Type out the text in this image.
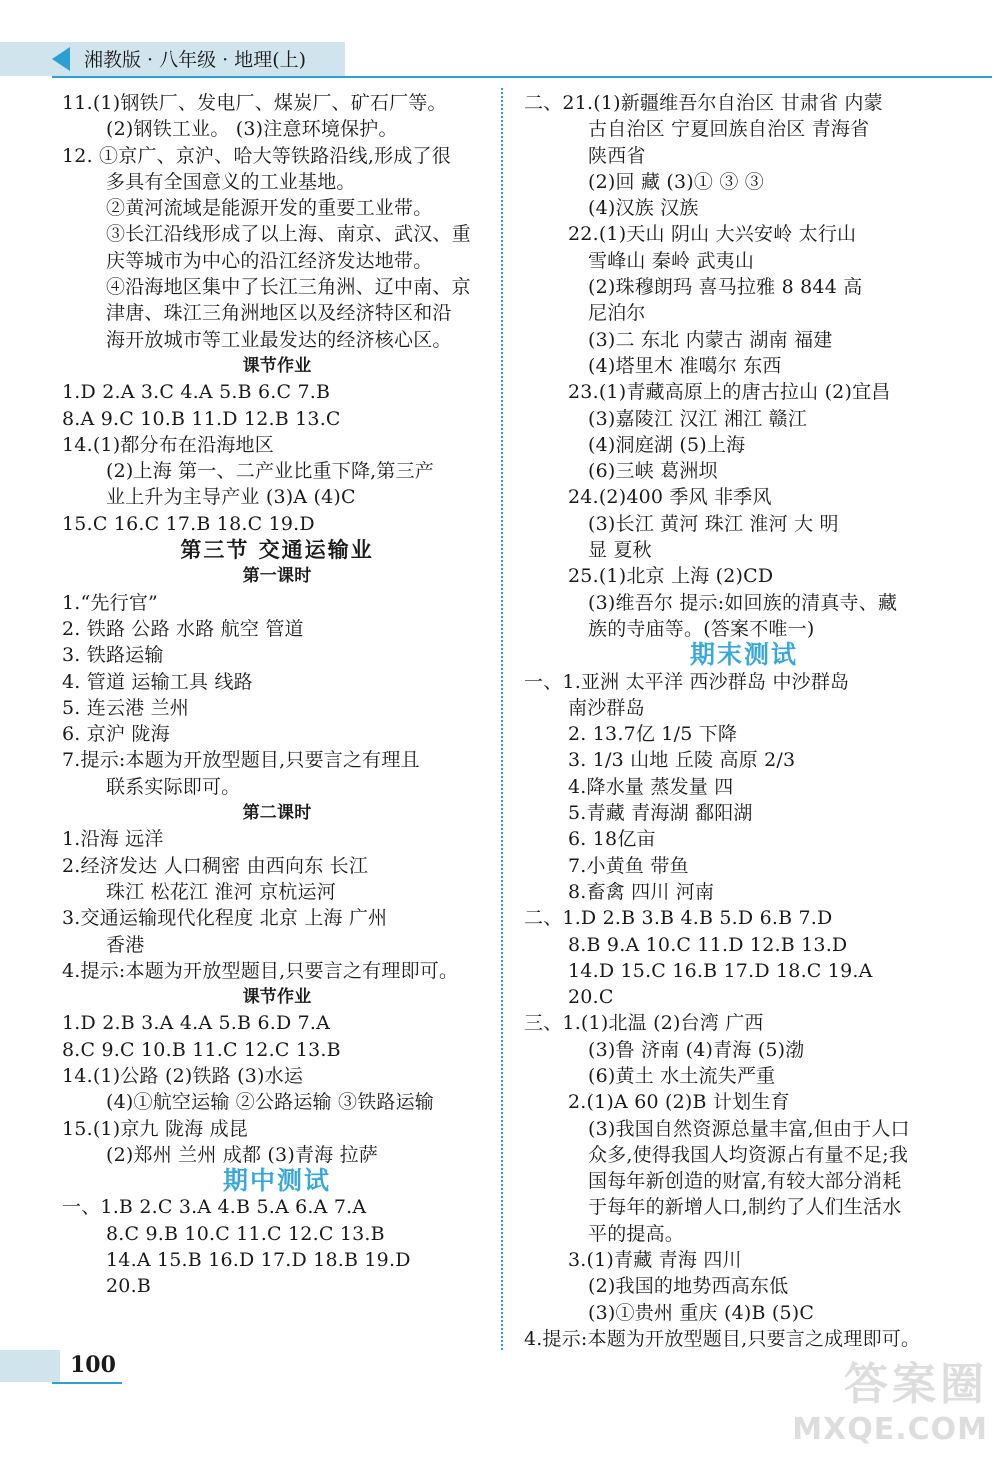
湘教版 · 八年级 · 地理(上)
11.(1)钢铁厂、发电厂、煤炭厂、矿石厂等。
(2)钢铁工业。 (3)注意环境保护。
12. ①京广、京沪、哈大等铁路沿线,形成了很
多具有全国意义的工业基地。
②黄河流域是能源开发的重要工业带。
③长江沿线形成了以上海、南京、武汉、重
庆等城市为中心的沿江经济发达地带。
④沿海地区集中了长江三角洲、辽中南、京
津唐、珠江三角洲地区以及经济特区和沿
海开放城市等工业最发达的经济核心区。
课节作业
1.D 2.A 3.C 4.A 5.B 6.C 7.B
8.A 9.C 10.B 11.D 12.B 13.C
14.(1)都分布在沿海地区
(2)上海 第一、二产业比重下降,第三产
业上升为主导产业 (3)A (4)C
15.C 16.C 17.B 18.C 19.D
第三节 交通运输业
第一课时
1.“先行官”
2. 铁路 公路 水路 航空 管道
3. 铁路运输
4. 管道 运输工具 线路
5. 连云港 兰州
6. 京沪 陇海
7.提示:本题为开放型题目,只要言之有理且
联系实际即可。
第二课时
1.沿海 远洋
2.经济发达 人口稠密 由西向东 长江
珠江 松花江 淮河 京杭运河
3.交通运输现代化程度 北京 上海 广州
香港
4.提示:本题为开放型题目,只要言之有理即可。
课节作业
1.D 2.B 3.A 4.A 5.B 6.D 7.A
8.C 9.C 10.B 11.C 12.C 13.B
14.(1)公路 (2)铁路 (3)水运
(4)①航空运输 ②公路运输 ③铁路运输
15.(1)京九 陇海 成昆
(2)郑州 兰州 成都 (3)青海 拉萨
期中测试
一、1.B 2.C 3.A 4.B 5.A 6.A 7.A
8.C 9.B 10.C 11.C 12.C 13.B
14.A 15.B 16.D 17.D 18.B 19.D
20.B
二、21.(1)新疆维吾尔自治区 甘肃省 内蒙
古自治区 宁夏回族自治区 青海省
陕西省
(2)回 藏 (3)① ③ ③
(4)汉族 汉族
22.(1)天山 阴山 大兴安岭 太行山
雪峰山 秦岭 武夷山
(2)珠穆朗玛 喜马拉雅 8 844 高
尼泊尔
(3)二 东北 内蒙古 湖南 福建
(4)塔里木 准噶尔 东西
23.(1)青藏高原上的唐古拉山 (2)宜昌
(3)嘉陵江 汉江 湘江 赣江
(4)洞庭湖 (5)上海
(6)三峡 葛洲坝
24.(2)400 季风 非季风
(3)长江 黄河 珠江 淮河 大 明
显 夏秋
25.(1)北京 上海 (2)CD
(3)维吾尔 提示:如回族的清真寺、藏
族的寺庙等。(答案不唯一)
期末测试
一、1.亚洲 太平洋 西沙群岛 中沙群岛
南沙群岛
2. 13.7亿 1/5 下降
3. 1/3 山地 丘陵 高原 2/3
4.降水量 蒸发量 四
5.青藏 青海湖 鄱阳湖
6. 18亿亩
7.小黄鱼 带鱼
8.畜禽 四川 河南
二、1.D 2.B 3.B 4.B 5.D 6.B 7.D
8.B 9.A 10.C 11.D 12.B 13.D
14.D 15.C 16.B 17.D 18.C 19.A
20.C
三、1.(1)北温 (2)台湾 广西
(3)鲁 济南 (4)青海 (5)渤
(6)黄土 水土流失严重
2.(1)A 60 (2)B 计划生育
(3)我国自然资源总量丰富,但由于人口
众多,使得我国人均资源占有量不足;我
国每年新创造的财富,有较大部分消耗
于每年的新增人口,制约了人们生活水
平的提高。
3.(1)青藏 青海 四川
(2)我国的地势西高东低
(3)①贵州 重庆 (4)B (5)C
4.提示:本题为开放型题目,只要言之成理即可。
100	答案圈
MXQE.COM
